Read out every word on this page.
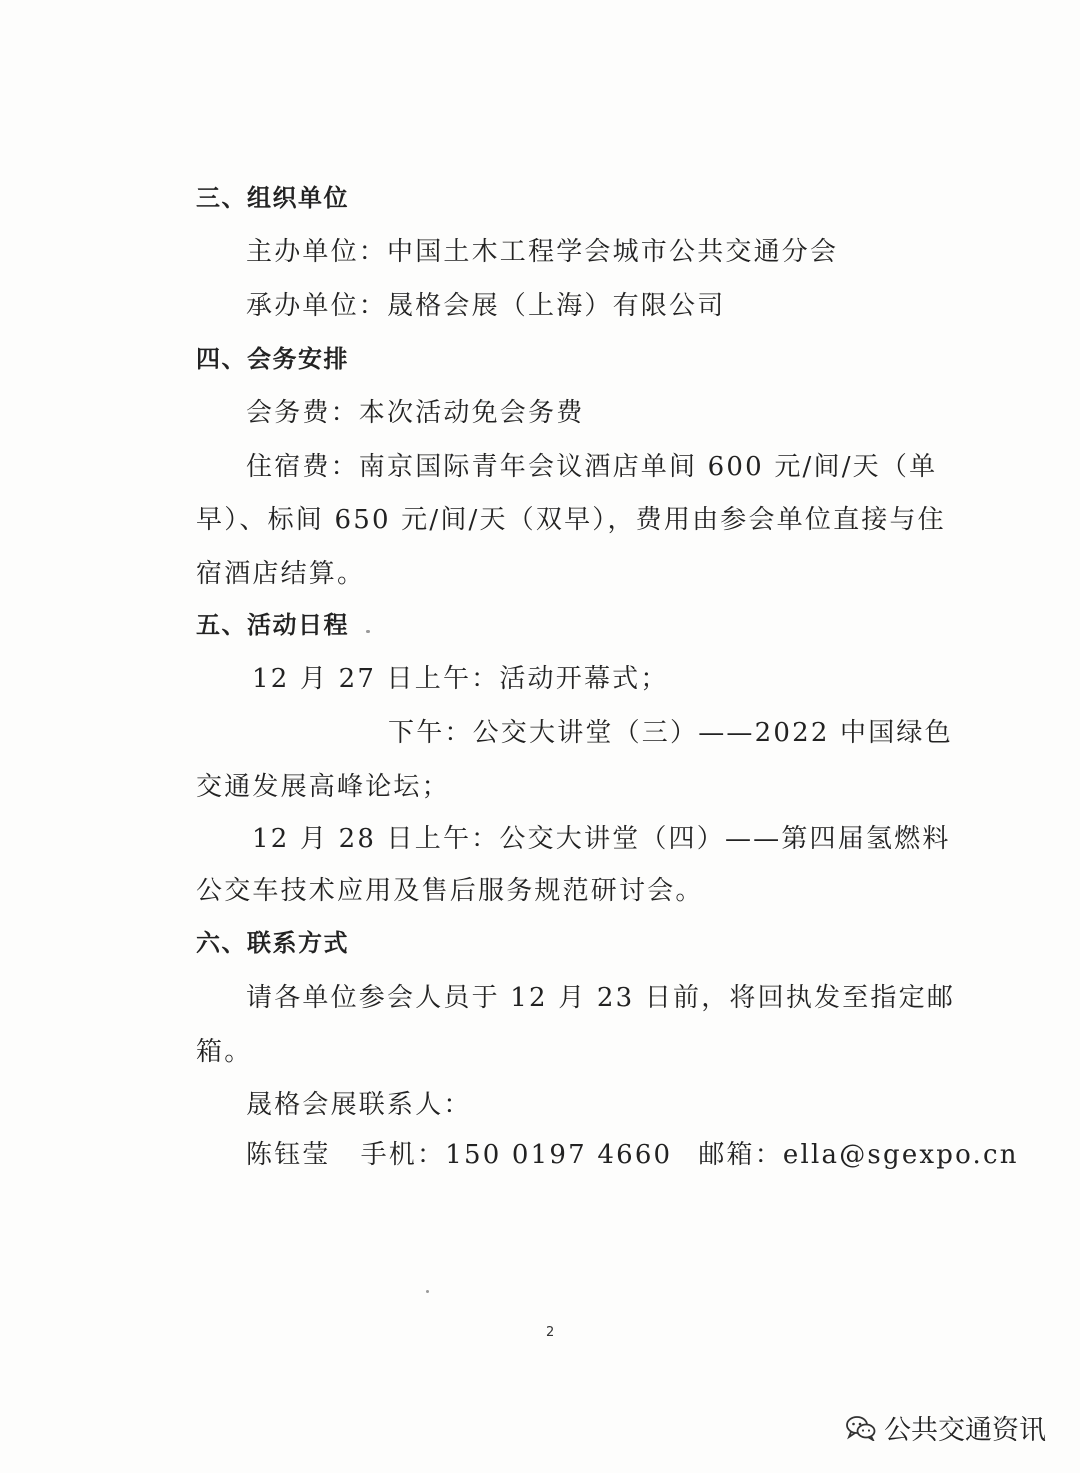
三、组织单位
主办单位：中国土木工程学会城市公共交通分会
承办单位：晟格会展（上海）有限公司
四、会务安排
会务费：本次活动免会务费
住宿费：南京国际青年会议酒店单间 600 元/间/天（单
早）、标间 650 元/间/天（双早），费用由参会单位直接与住
宿酒店结算。
五、活动日程
12 月 27 日上午：活动开幕式；
下午：公交大讲堂（三）——2022 中国绿色
交通发展高峰论坛；
12 月 28 日上午：公交大讲堂（四）——第四届氢燃料
公交车技术应用及售后服务规范研讨会。
六、联系方式
请各单位参会人员于 12 月 23 日前，将回执发至指定邮
箱。
晟格会展联系人：
陈钰莹 手机：150 0197 4660 邮箱：ella@sgexpo.cn
2
公共交通资讯
